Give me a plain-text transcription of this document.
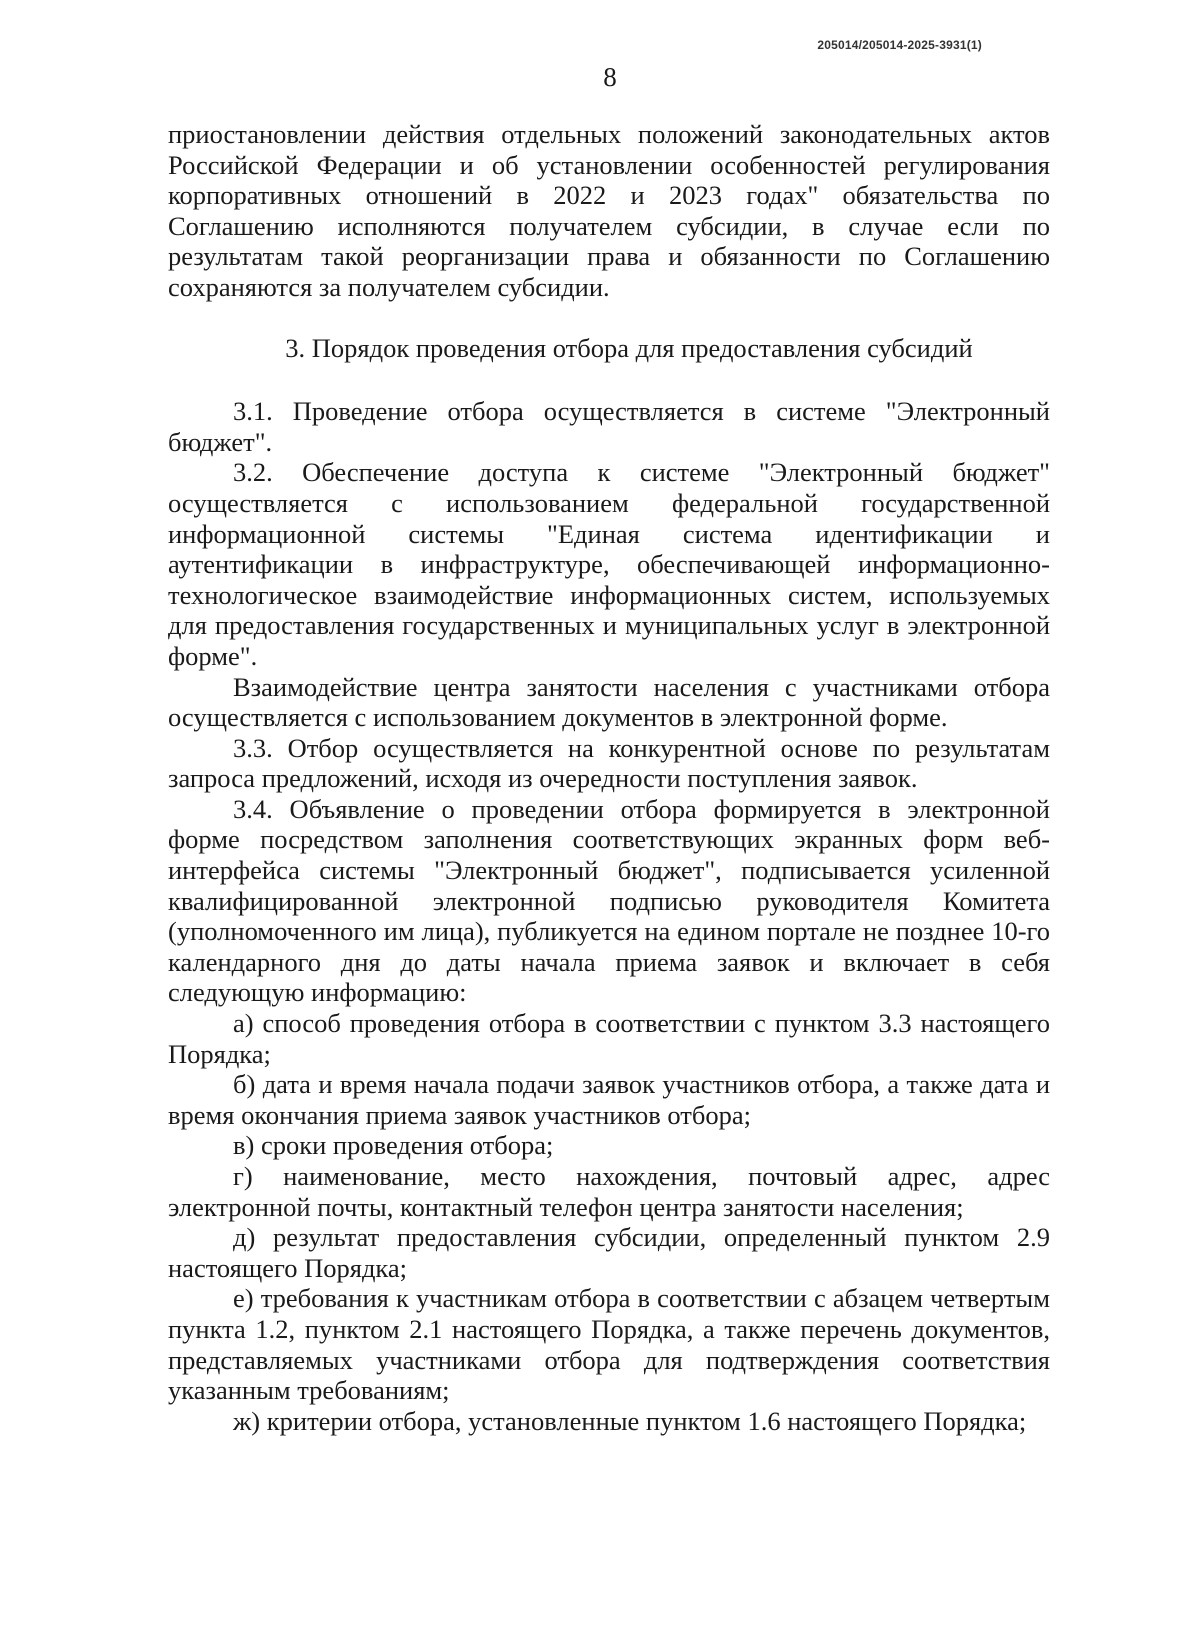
205014/205014-2025-3931(1)
8

приостановлении действия отдельных положений законодательных актов Российской Федерации и об установлении особенностей регулирования корпоративных отношений в 2022 и 2023 годах" обязательства по Соглашению исполняются получателем субсидии, в случае если по результатам такой реорганизации права и обязанности по Соглашению сохраняются за получателем субсидии.

3. Порядок проведения отбора для предоставления субсидий

3.1. Проведение отбора осуществляется в системе "Электронный бюджет".

3.2. Обеспечение доступа к системе "Электронный бюджет" осуществляется с использованием федеральной государственной информационной системы "Единая система идентификации и аутентификации в инфраструктуре, обеспечивающей информационно-технологическое взаимодействие информационных систем, используемых для предоставления государственных и муниципальных услуг в электронной форме".

Взаимодействие центра занятости населения с участниками отбора осуществляется с использованием документов в электронной форме.

3.3. Отбор осуществляется на конкурентной основе по результатам запроса предложений, исходя из очередности поступления заявок.

3.4. Объявление о проведении отбора формируется в электронной форме посредством заполнения соответствующих экранных форм веб-интерфейса системы "Электронный бюджет", подписывается усиленной квалифицированной электронной подписью руководителя Комитета (уполномоченного им лица), публикуется на едином портале не позднее 10-го календарного дня до даты начала приема заявок и включает в себя следующую информацию:

а) способ проведения отбора в соответствии с пунктом 3.3 настоящего Порядка;

б) дата и время начала подачи заявок участников отбора, а также дата и время окончания приема заявок участников отбора;

в) сроки проведения отбора;

г) наименование, место нахождения, почтовый адрес, адрес электронной почты, контактный телефон центра занятости населения;

д) результат предоставления субсидии, определенный пунктом 2.9 настоящего Порядка;

е) требования к участникам отбора в соответствии с абзацем четвертым пункта 1.2, пунктом 2.1 настоящего Порядка, а также перечень документов, представляемых участниками отбора для подтверждения соответствия указанным требованиям;

ж) критерии отбора, установленные пунктом 1.6 настоящего Порядка;
